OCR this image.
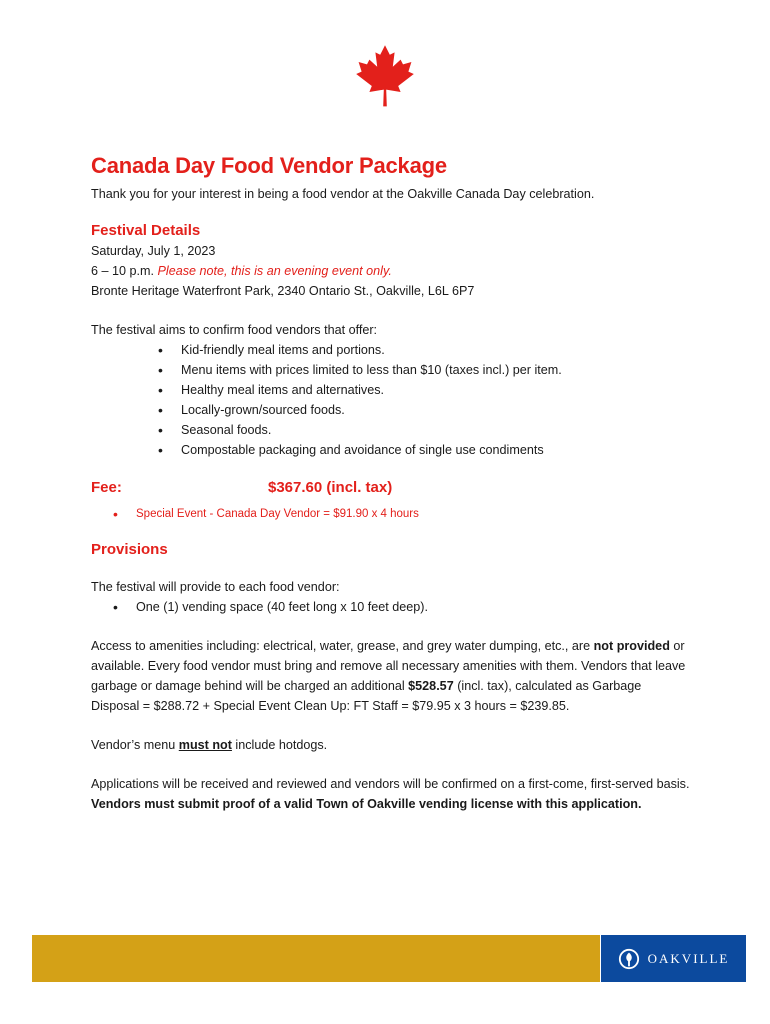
Canada Day Food Vendor Package
Thank you for your interest in being a food vendor at the Oakville Canada Day celebration.
Festival Details
Saturday, July 1, 2023
6 – 10 p.m. Please note, this is an evening event only.
Bronte Heritage Waterfront Park, 2340 Ontario St., Oakville, L6L 6P7
The festival aims to confirm food vendors that offer:
• Kid-friendly meal items and portions.
• Menu items with prices limited to less than $10 (taxes incl.) per item.
• Healthy meal items and alternatives.
• Locally-grown/sourced foods.
• Seasonal foods.
• Compostable packaging and avoidance of single use condiments
Fee:	$367.60 (incl. tax)
• Special Event - Canada Day Vendor = $91.90 x 4 hours
Provisions
The festival will provide to each food vendor:
• One (1) vending space (40 feet long x 10 feet deep).
Access to amenities including: electrical, water, grease, and grey water dumping, etc., are not provided or available. Every food vendor must bring and remove all necessary amenities with them. Vendors that leave garbage or damage behind will be charged an additional $528.57 (incl. tax), calculated as Garbage Disposal = $288.72 + Special Event Clean Up: FT Staff = $79.95 x 3 hours = $239.85.
Vendor’s menu must not include hotdogs.
Applications will be received and reviewed and vendors will be confirmed on a first-come, first-served basis. Vendors must submit proof of a valid Town of Oakville vending license with this application.
OAKVILLE
